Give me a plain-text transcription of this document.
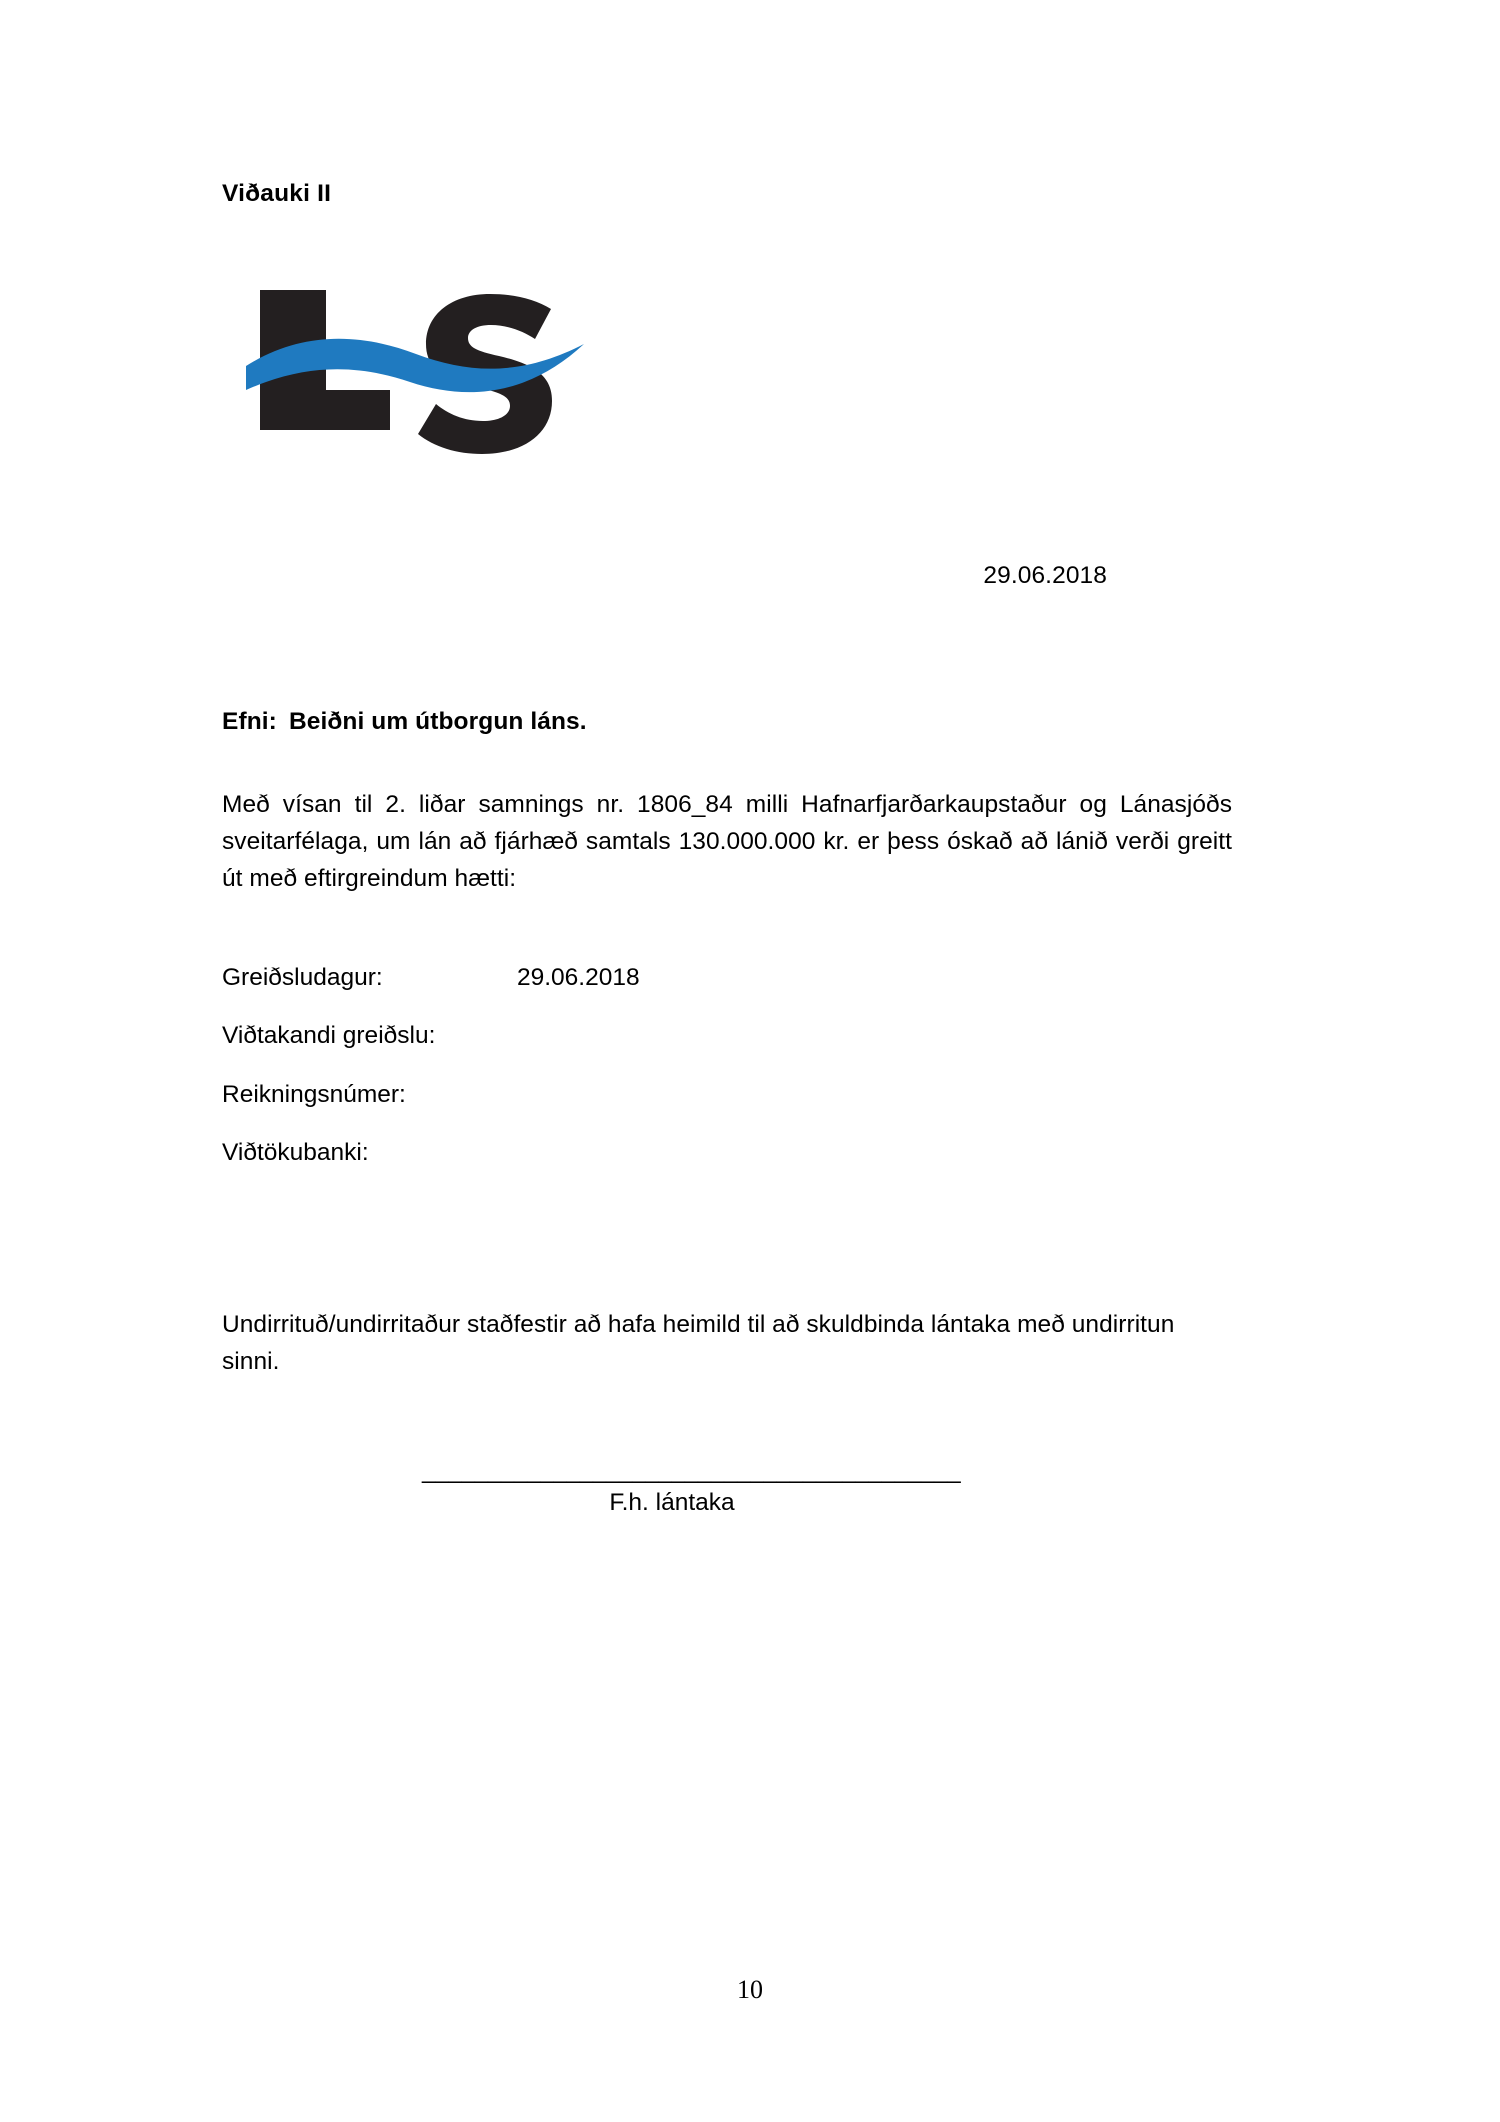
Viðauki II
29.06.2018
Efni: Beiðni um útborgun láns.
Með vísan til 2. liðar samnings nr. 1806_84 milli Hafnarfjarðarkaupstaður og Lánasjóðs sveitarfélaga, um lán að fjárhæð samtals 130.000.000 kr. er þess óskað að lánið verði greitt út með eftirgreindum hætti:
Greiðsludagur:	29.06.2018
Viðtakandi greiðslu:
Reikningsnúmer:
Viðtökubanki:
Undirrituð/undirritaður staðfestir að hafa heimild til að skuldbinda lántaka með undirritun sinni.
_________________________________________
F.h. lántaka
10
